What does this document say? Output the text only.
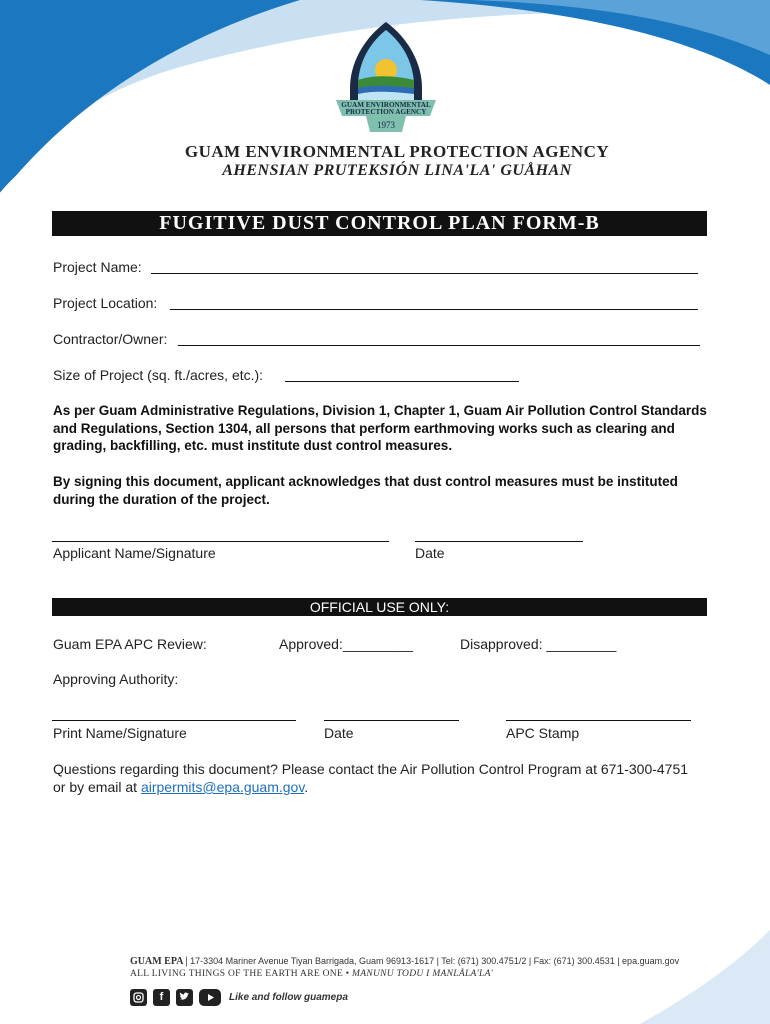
GUAM ENVIRONMENTAL
PROTECTION AGENCY
1973
GUAM ENVIRONMENTAL PROTECTION AGENCY
AHENSIAN PRUTEKSIÓN LINA'LA' GUÅHAN
FUGITIVE DUST CONTROL PLAN FORM-B
Project Name:
Project Location:
Contractor/Owner:
Size of Project (sq. ft./acres, etc.):
As per Guam Administrative Regulations, Division 1, Chapter 1, Guam Air Pollution Control Standards and Regulations, Section 1304, all persons that perform earthmoving works such as clearing and grading, backfilling, etc. must institute dust control measures.
By signing this document, applicant acknowledges that dust control measures must be instituted during the duration of the project.
Applicant Name/Signature	Date
OFFICIAL USE ONLY:
Guam EPA APC Review:	Approved:_________	Disapproved: _________
Approving Authority:
Print Name/Signature	Date	APC Stamp
Questions regarding this document? Please contact the Air Pollution Control Program at 671-300-4751 or by email at airpermits@epa.guam.gov.
GUAM EPA | 17-3304 Mariner Avenue Tiyan Barrigada, Guam 96913-1617 | Tel: (671) 300.4751/2 | Fax: (671) 300.4531 | epa.guam.gov
ALL LIVING THINGS OF THE EARTH ARE ONE • MANUNU TODU I MANLÅLA'LA'
f	Like and follow guamepa
